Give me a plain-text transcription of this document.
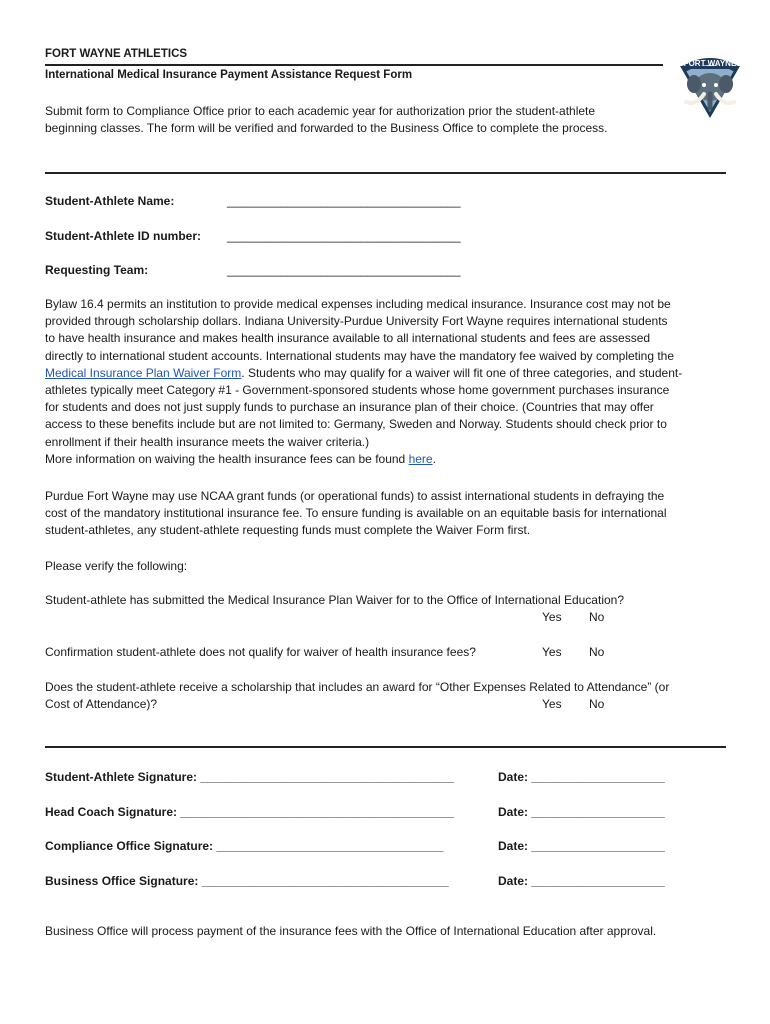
FORT WAYNE ATHLETICS
International Medical Insurance Payment Assistance Request Form
FORT WAYNE
Submit form to Compliance Office prior to each academic year for authorization prior the student-athlete
beginning classes. The form will be verified and forwarded to the Business Office to complete the process.
Student-Athlete Name:	___________________________________
Student-Athlete ID number: ___________________________________
Requesting Team:	___________________________________
Bylaw 16.4 permits an institution to provide medical expenses including medical insurance. Insurance cost may not be
provided through scholarship dollars. Indiana University-Purdue University Fort Wayne requires international students
to have health insurance and makes health insurance available to all international students and fees are assessed
directly to international student accounts. International students may have the mandatory fee waived by completing the
Medical Insurance Plan Waiver Form. Students who may qualify for a waiver will fit one of three categories, and student-
athletes typically meet Category #1 - Government-sponsored students whose home government purchases insurance
for students and does not just supply funds to purchase an insurance plan of their choice. (Countries that may offer
access to these benefits include but are not limited to: Germany, Sweden and Norway. Students should check prior to
enrollment if their health insurance meets the waiver criteria.)
More information on waiving the health insurance fees can be found here.
Purdue Fort Wayne may use NCAA grant funds (or operational funds) to assist international students in defraying the
cost of the mandatory institutional insurance fee. To ensure funding is available on an equitable basis for international
student-athletes, any student-athlete requesting funds must complete the Waiver Form first.
Please verify the following:
Student-athlete has submitted the Medical Insurance Plan Waiver for to the Office of International Education?
Yes No
Confirmation student-athlete does not qualify for waiver of health insurance fees?	Yes No
Does the student-athlete receive a scholarship that includes an award for “Other Expenses Related to Attendance” (or
Cost of Attendance)?	Yes No
Student-Athlete Signature: ______________________________________	Date: ____________________
Head Coach Signature: _________________________________________	Date: ____________________
Compliance Office Signature: __________________________________	Date: ____________________
Business Office Signature: _____________________________________	Date: ____________________
Business Office will process payment of the insurance fees with the Office of International Education after approval.
